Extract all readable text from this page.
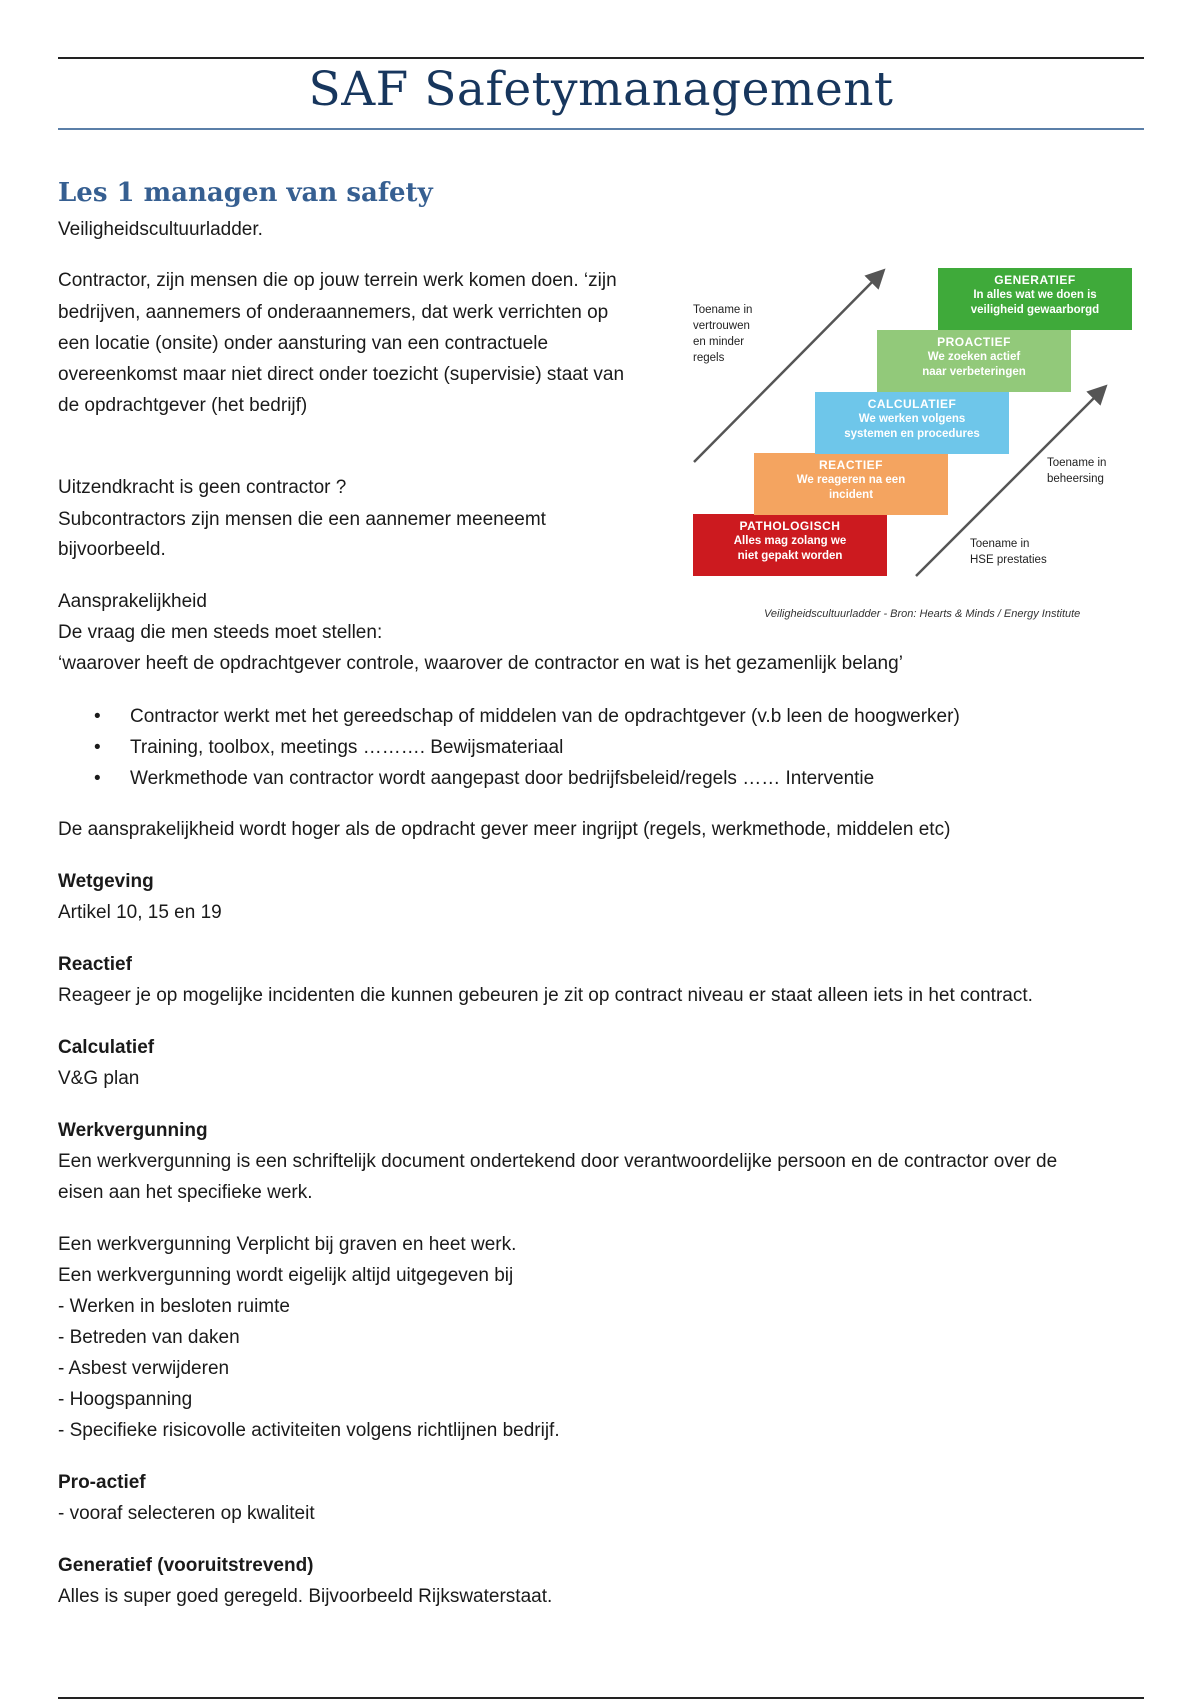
SAF Safetymanagement
Les 1 managen van safety
Veiligheidscultuurladder.
Contractor, zijn mensen die op jouw terrein werk komen doen. ‘zijn
bedrijven, aannemers of onderaannemers, dat werk verrichten op
een locatie (onsite) onder aansturing van een contractuele
overeenkomst maar niet direct onder toezicht (supervisie) staat van
de opdrachtgever (het bedrijf)
Uitzendkracht is geen contractor ?
Subcontractors zijn mensen die een aannemer meeneemt
bijvoorbeeld.
Aansprakelijkheid
De vraag die men steeds moet stellen:
‘waarover heeft de opdrachtgever controle, waarover de contractor en wat is het gezamenlijk belang’
• Contractor werkt met het gereedschap of middelen van de opdrachtgever (v.b leen de hoogwerker)
• Training, toolbox, meetings ………. Bewijsmateriaal
• Werkmethode van contractor wordt aangepast door bedrijfsbeleid/regels …… Interventie
De aansprakelijkheid wordt hoger als de opdracht gever meer ingrijpt (regels, werkmethode, middelen etc)
Wetgeving
Artikel 10, 15 en 19
Reactief
Reageer je op mogelijke incidenten die kunnen gebeuren je zit op contract niveau er staat alleen iets in het contract.
Calculatief
V&G plan
Werkvergunning
Een werkvergunning is een schriftelijk document ondertekend door verantwoordelijke persoon en de contractor over de
eisen aan het specifieke werk.
Een werkvergunning Verplicht bij graven en heet werk.
Een werkvergunning wordt eigelijk altijd uitgegeven bij
- Werken in besloten ruimte
- Betreden van daken
- Asbest verwijderen
- Hoogspanning
- Specifieke risicovolle activiteiten volgens richtlijnen bedrijf.
Pro-actief
- vooraf selecteren op kwaliteit
Generatief (vooruitstrevend)
Alles is super goed geregeld. Bijvoorbeeld Rijkswaterstaat.
PATHOLOGISCH
Alles mag zolang we
niet gepakt worden
REACTIEF
We reageren na een
incident
CALCULATIEF
We werken volgens
systemen en procedures
PROACTIEF
We zoeken actief
naar verbeteringen
GENERATIEF
In alles wat we doen is
veiligheid gewaarborgd
Toename in
vertrouwen
en minder
regels
Toename in
beheersing
Toename in
HSE prestaties
Veiligheidscultuurladder - Bron: Hearts & Minds / Energy Institute
